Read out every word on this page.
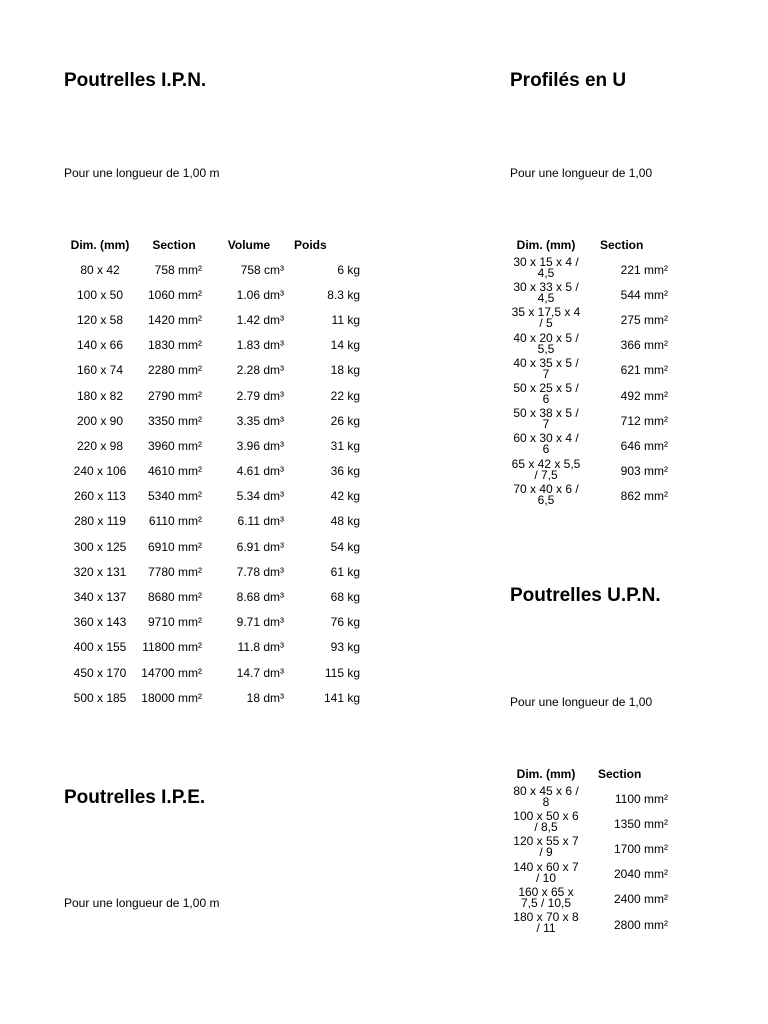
Poutrelles I.P.N.
Pour une longueur de 1,00 m
Dim. (mm)	Section	Volume	Poids
80 x 42	758 mm²	758 cm³	6 kg
100 x 50	1060 mm²	1.06 dm³	8.3 kg
120 x 58	1420 mm²	1.42 dm³	11 kg
140 x 66	1830 mm²	1.83 dm³	14 kg
160 x 74	2280 mm²	2.28 dm³	18 kg
180 x 82	2790 mm²	2.79 dm³	22 kg
200 x 90	3350 mm²	3.35 dm³	26 kg
220 x 98	3960 mm²	3.96 dm³	31 kg
240 x 106	4610 mm²	4.61 dm³	36 kg
260 x 113	5340 mm²	5.34 dm³	42 kg
280 x 119	6110 mm²	6.11 dm³	48 kg
300 x 125	6910 mm²	6.91 dm³	54 kg
320 x 131	7780 mm²	7.78 dm³	61 kg
340 x 137	8680 mm²	8.68 dm³	68 kg
360 x 143	9710 mm²	9.71 dm³	76 kg
400 x 155	11800 mm²	11.8 dm³	93 kg
450 x 170	14700 mm²	14.7 dm³	115 kg
500 x 185	18000 mm²	18 dm³	141 kg
Poutrelles I.P.E.
Pour une longueur de 1,00 m
Profilés en U
Pour une longueur de 1,00
Dim. (mm)	Section

30 x 15 x 4 / 4,5	221 mm²

30 x 33 x 5 / 4,5	544 mm²

35 x 17,5 x 4 / 5	275 mm²

40 x 20 x 5 / 5,5	366 mm²

40 x 35 x 5 / 7	621 mm²

50 x 25 x 5 / 6	492 mm²

50 x 38 x 5 / 7	712 mm²

60 x 30 x 4 / 6	646 mm²

65 x 42 x 5,5 / 7,5	903 mm²

70 x 40 x 6 / 6,5	862 mm²
Poutrelles U.P.N.
Pour une longueur de 1,00
Dim. (mm)	Section

80 x 45 x 6 / 8	1100 mm²

100 x 50 x 6 / 8,5	1350 mm²

120 x 55 x 7 / 9	1700 mm²

140 x 60 x 7 / 10	2040 mm²

160 x 65 x 7,5 / 10,5	2400 mm²

180 x 70 x 8 / 11	2800 mm²
